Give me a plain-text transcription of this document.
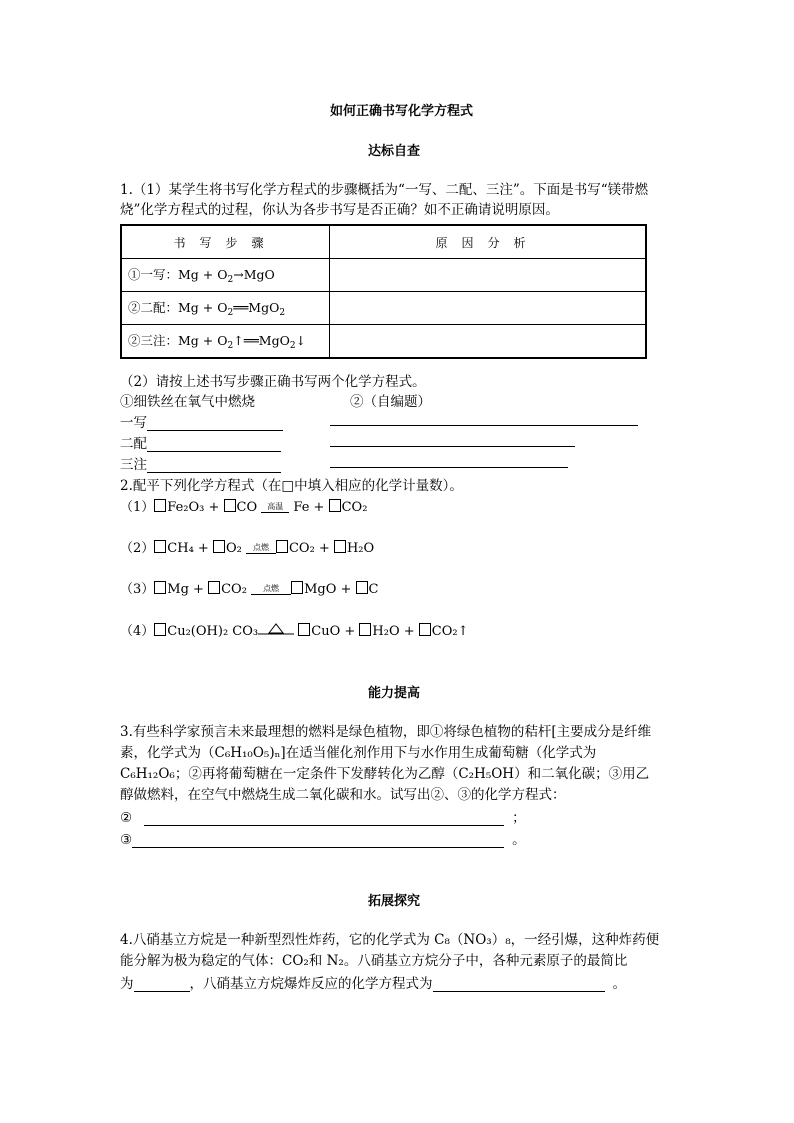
如何正确书写化学方程式
达标自查
1.（1）某学生将书写化学方程式的步骤概括为“一写、二配、三注”。下面是书写“镁带燃烧”化学方程式的过程，你认为各步书写是否正确？如不正确请说明原因。
书写步骤	原因分析
①一写：$Mg + O_2\to MgO$	
②二配：$Mg + O_2══MgO_2$	
②三注：$Mg + O_2↑══MgO_2↓$	
（2）请按上述书写步骤正确书写两个化学方程式。
①细铁丝在氧气中燃烧	②（自编题）
一写
二配
三注
2.配平下列化学方程式（在□中填入相应的化学计量数）。
（1） Fe₂O₃ + CO 高温 Fe + CO₂
（2） CH₄ + O₂ 点燃 CO₂ + H₂O
（3） Mg + CO₂ 点燃 MgO + C
（4） Cu₂(OH)₂ CO₃	CuO + H₂O + CO₂↑
能力提高
3.有些科学家预言未来最理想的燃料是绿色植物，即①将绿色植物的秸杆[主要成分是纤维素，化学式为（C₆H₁₀O₅)ₙ]在适当催化剂作用下与水作用生成葡萄糖（化学式为 C₆H₁₂O₆；②再将葡萄糖在一定条件下发酵转化为乙醇（C₂H₅OH）和二氧化碳；③用乙醇做燃料，在空气中燃烧生成二氧化碳和水。试写出②、③的化学方程式：
②	；
③	。
拓展探究
4.八硝基立方烷是一种新型烈性炸药，它的化学式为 C₈（NO₃）₈，一经引爆，这种炸药便能分解为极为稳定的气体：CO₂和 N₂。八硝基立方烷分子中，各种元素原子的最简比
为	，八硝基立方烷爆炸反应的化学方程式为	。
